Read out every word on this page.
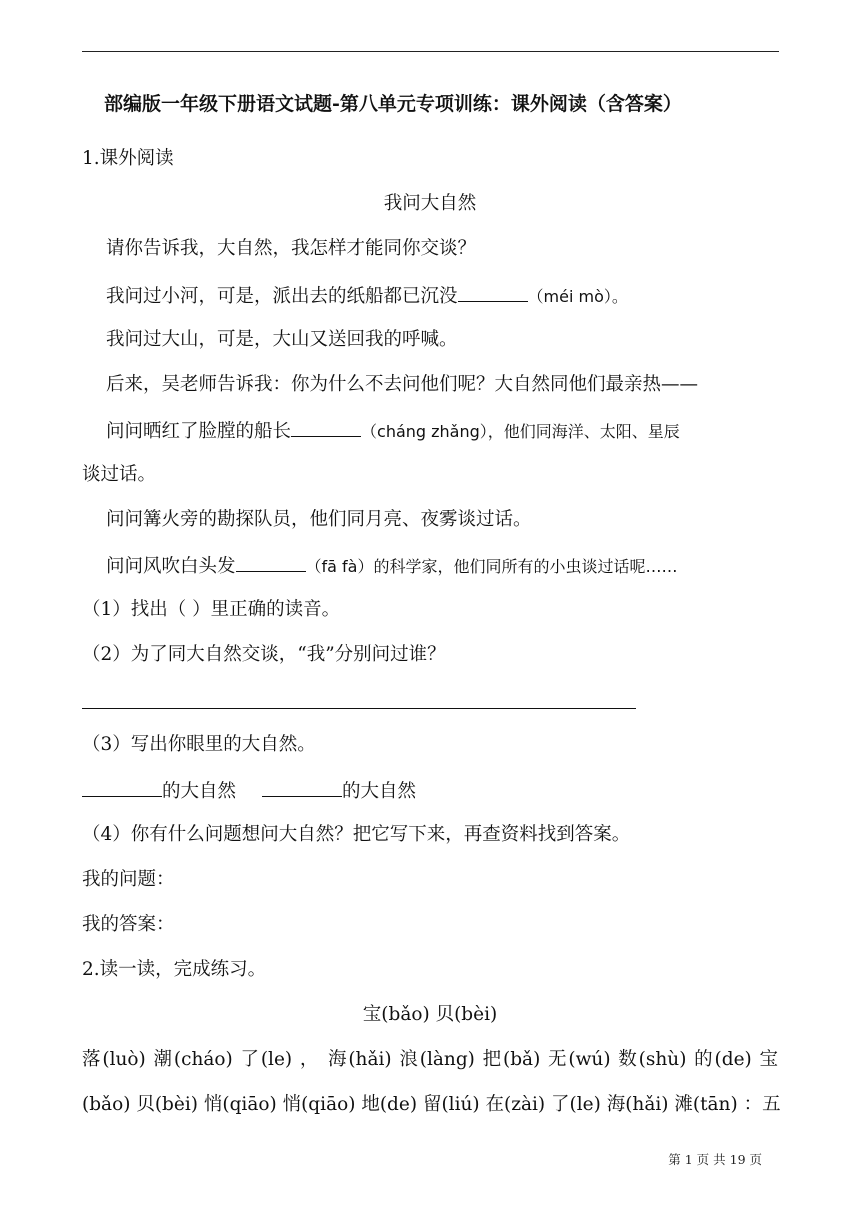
部编版一年级下册语文试题-第八单元专项训练：课外阅读（含答案）
1.课外阅读
我问大自然
请你告诉我，大自然，我怎样才能同你交谈？
我问过小河，可是，派出去的纸船都已沉没	（méi mò）。
我问过大山，可是，大山又送回我的呼喊。
后来，吴老师告诉我：你为什么不去问他们呢？大自然同他们最亲热——
问问晒红了脸膛的船长	（cháng zhǎng），他们同海洋、太阳、星辰
谈过话。
问问篝火旁的勘探队员，他们同月亮、夜雾谈过话。
问问风吹白头发	（fā fà）的科学家，他们同所有的小虫谈过话呢……
（1）找出（ ）里正确的读音。
（2）为了同大自然交谈，“我”分别问过谁？
（3）写出你眼里的大自然。
的大自然	的大自然
（4）你有什么问题想问大自然？把它写下来，再查资料找到答案。
我的问题：
我的答案：
2.读一读，完成练习。
宝(bǎo) 贝(bèi)
落(luò) 潮(cháo) 了(le) ， 海(hǎi) 浪(làng) 把(bǎ) 无(wú) 数(shù) 的(de) 宝
(bǎo) 贝(bèi) 悄(qiāo) 悄(qiāo) 地(de) 留(liú) 在(zài) 了(le) 海(hǎi) 滩(tān) ：五
第 1 页 共 19 页
